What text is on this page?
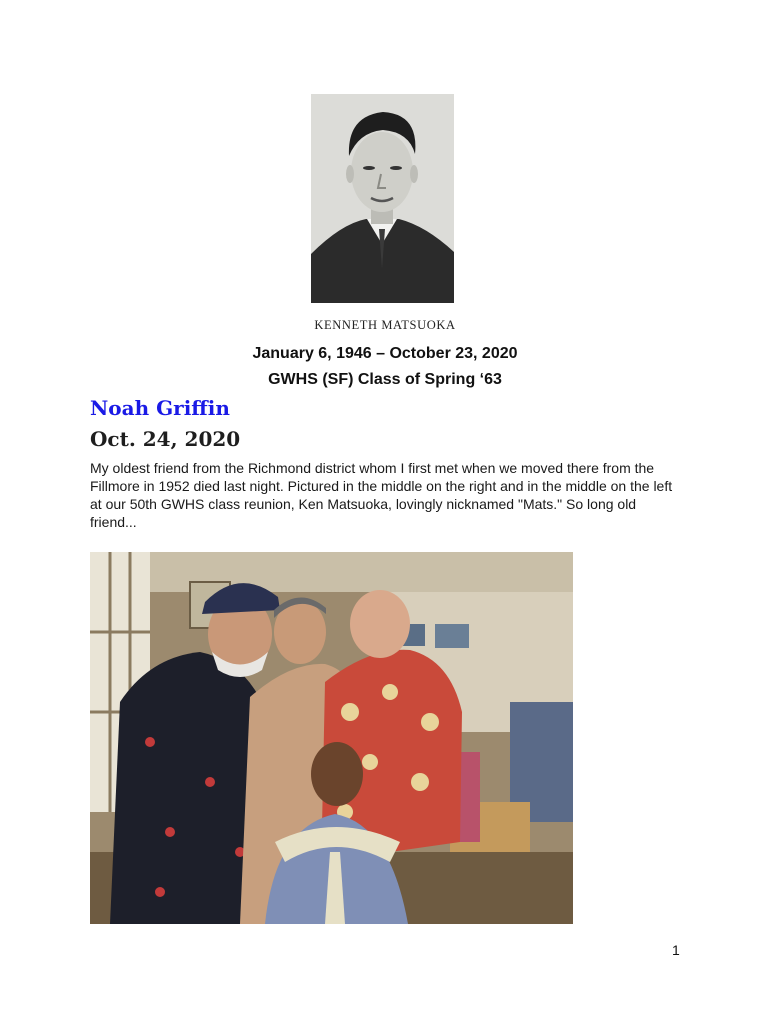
KENNETH MATSUOKA
January 6, 1946 – October 23, 2020
GWHS (SF) Class of Spring ‘63
Noah Griffin
Oct. 24, 2020
My oldest friend from the Richmond district whom I first met when we moved there from the Fillmore in 1952 died last night. Pictured in the middle on the right and in the middle on the left at our 50th GWHS class reunion, Ken Matsuoka, lovingly nicknamed "Mats." So long old friend...
1
